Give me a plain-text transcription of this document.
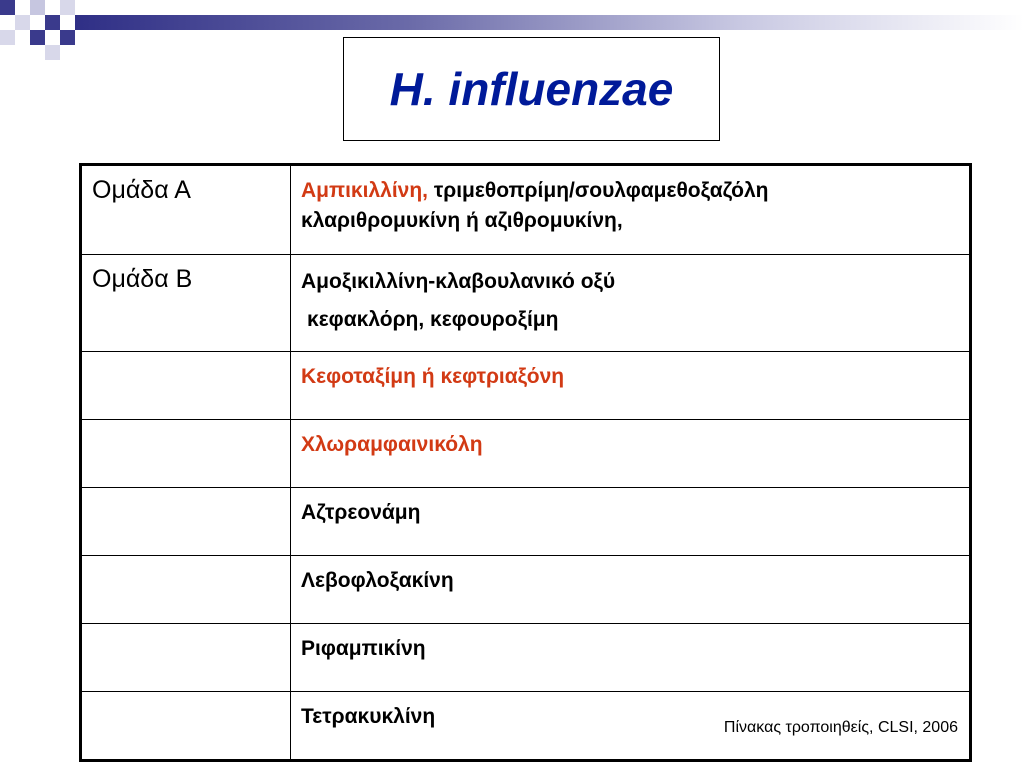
H. influenzae
Ομάδα Α	Αμπικιλλίνη, τριμεθοπρίμη/σουλφαμεθοξαζόλη
κλαριθρομυκίνη ή αζιθρομυκίνη,

Ομάδα Β	Αμοξικιλλίνη-κλαβουλανικό οξύ
κεφακλόρη, κεφουροξίμη

	Κεφοταξίμη ή κεφτριαξόνη

	Χλωραμφαινικόλη

	Αζτρεονάμη

	Λεβοφλοξακίνη

	Ριφαμπικίνη

	Τετρακυκλίνη	Πίνακας τροποιηθείς, CLSI, 2006
